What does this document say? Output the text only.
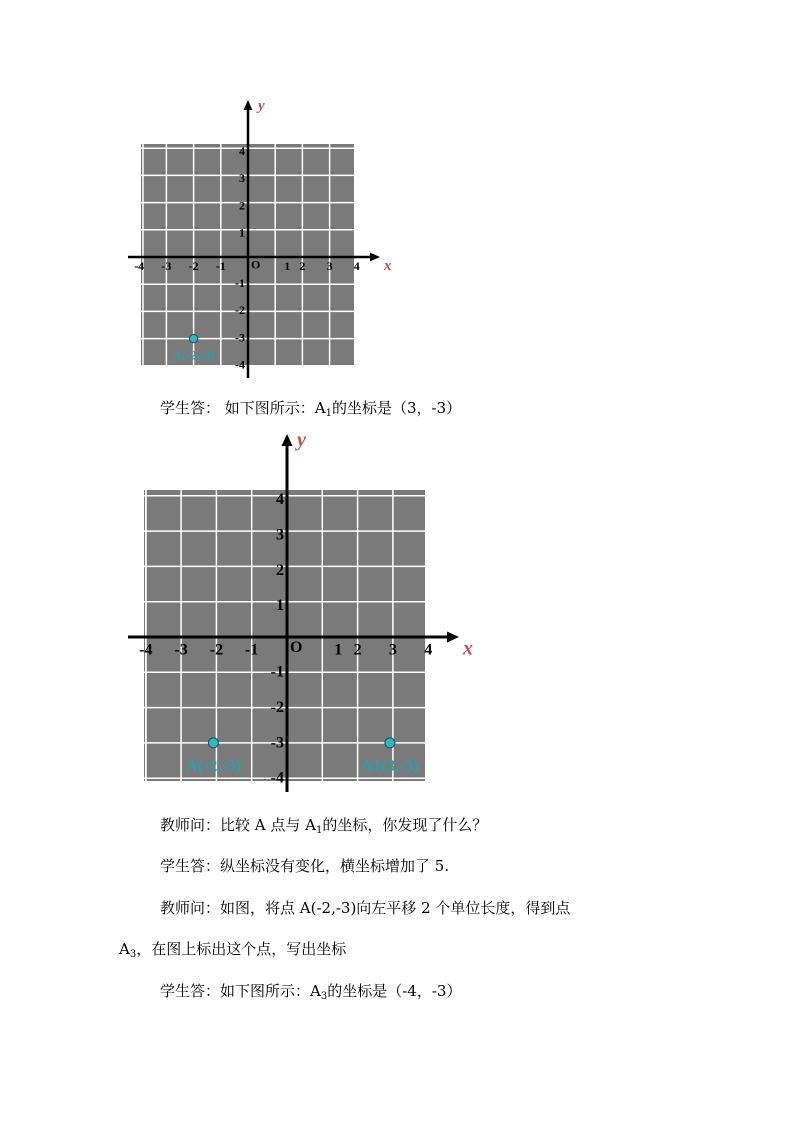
x
y
O
-4 -3 -2 -1	1 2 3 4
4
3
2
1
-1
-2
-3
-4
A(-2,-3)
x
y
O
-4 -3 -2 -1	1 2 3 4
4
3
2
1
-1
-2
-3
-4
A(-2,-3)	A1(3,-3)
学生答： 如下图所示：$A_1$的坐标是（3，-3）
教师问：比较 A 点与 $A_1$的坐标，你发现了什么？
学生答：纵坐标没有变化，横坐标增加了 5.
教师问：如图，将点 A(-2,-3)向左平移 2 个单位长度，得到点
$A_3$，在图上标出这个点，写出坐标
学生答：如下图所示：$A_3$的坐标是（-4，-3）
